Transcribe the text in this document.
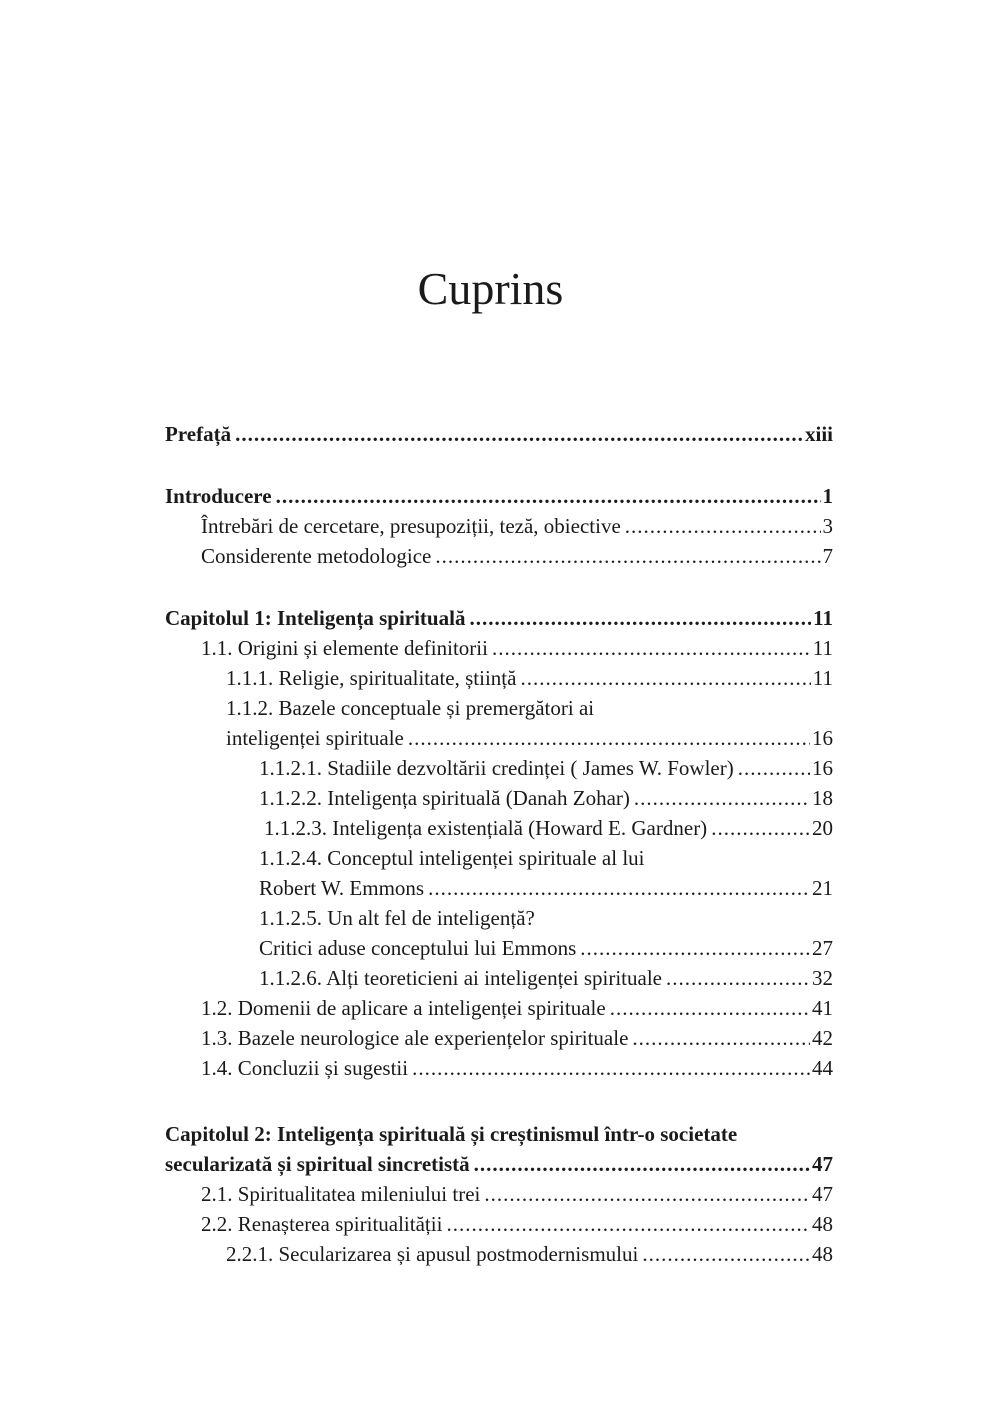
Cuprins
Prefață .....	xiii
Introducere .....	1
Întrebări de cercetare, presupoziții, teză, obiective .....	3
Considerente metodologice .....	7
Capitolul 1: Inteligența spirituală .....	11
1.1. Origini și elemente definitorii .....	11
1.1.1. Religie, spiritualitate, știință .....	11
1.1.2. Bazele conceptuale și premergători ai
inteligenței spirituale .....	16
1.1.2.1. Stadiile dezvoltării credinței ( James W. Fowler) .....	16
1.1.2.2. Inteligența spirituală (Danah Zohar) .....	18
1.1.2.3. Inteligența existențială (Howard E. Gardner) .....	20
1.1.2.4. Conceptul inteligenței spirituale al lui
Robert W. Emmons .....	21
1.1.2.5. Un alt fel de inteligență?
Critici aduse conceptului lui Emmons .....	27
1.1.2.6. Alți teoreticieni ai inteligenței spirituale .....	32
1.2. Domenii de aplicare a inteligenței spirituale .....	41
1.3. Bazele neurologice ale experiențelor spirituale .....	42
1.4. Concluzii și sugestii .....	44
Capitolul 2: Inteligența spirituală și creștinismul într-o societate
secularizată și spiritual sincretistă .....	47
2.1. Spiritualitatea mileniului trei .....	47
2.2. Renașterea spiritualității .....	48
2.2.1. Secularizarea și apusul postmodernismului .....	48
